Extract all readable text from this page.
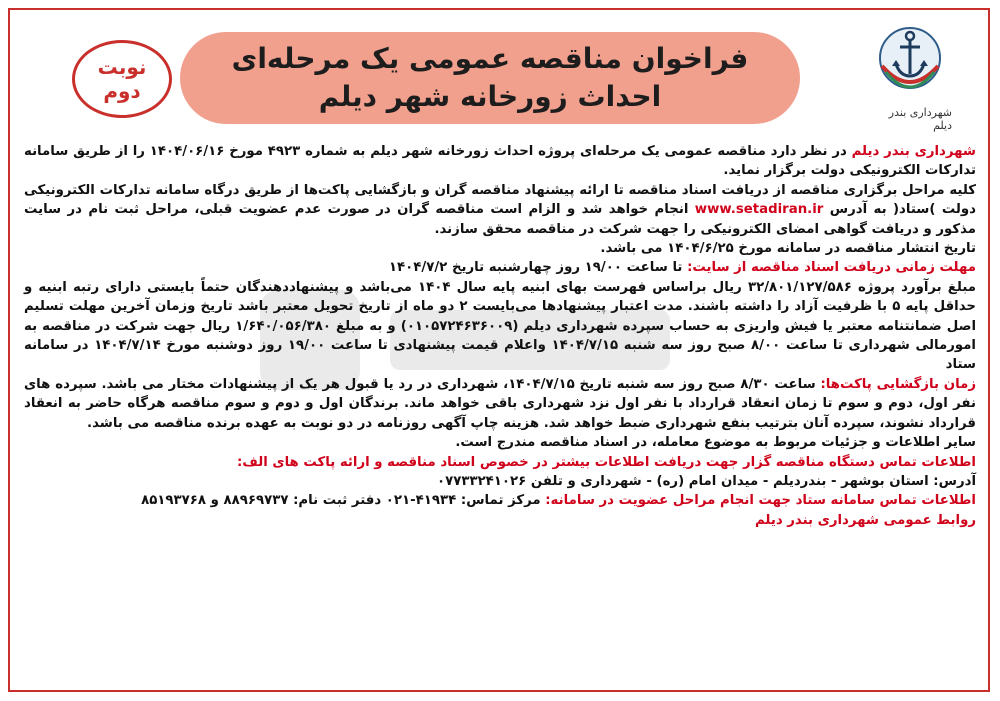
نوبت
دوم
فراخوان مناقصه عمومی یک مرحله‌ای
احداث زورخانه شهر دیلم	شهرداری بندر دیلم

شهرداری بندر دیلم در نظر دارد مناقصه عمومی یک مرحله‌ای پروژه احداث زورخانه شهر دیلم به شماره ۴۹۲۳ مورخ ۱۴۰۴/۰۶/۱۶ را از طریق سامانه تدارکات الکترونیکی دولت برگزار نماید.

کلیه مراحل برگزاری مناقصه از دریافت اسناد مناقصه تا ارائه پیشنهاد مناقصه گران و بازگشایی پاکت‌ها از طریق درگاه سامانه تدارکات الکترونیکی دولت )ستاد( به آدرس www.setadiran.ir انجام خواهد شد و الزام است مناقصه گران در صورت عدم عضویت قبلی، مراحل ثبت نام در سایت مذکور و دریافت گواهی امضای الکترونیکی را جهت شرکت در مناقصه محقق سازند.

تاریخ انتشار مناقصه در سامانه مورخ ۱۴۰۴/۶/۲۵ می باشد.

مهلت زمانی دریافت اسناد مناقصه از سایت: تا ساعت ۱۹/۰۰ روز چهارشنبه تاریخ ۱۴۰۴/۷/۲

مبلغ برآورد پروژه ۳۲/۸۰۱/۱۲۷/۵۸۶ ریال براساس فهرست بهای ابنیه پایه سال ۱۴۰۴ می‌باشد و پیشنهاددهندگان حتماً بایستی دارای رتبه ابنیه و حداقل پایه ۵ با ظرفیت آزاد را داشته باشند. مدت اعتبار پیشنهادها می‌بایست ۲ دو ماه از تاریخ تحویل معتبر باشد تاریخ وزمان آخرین مهلت تسلیم اصل ضمانتنامه معتبر یا فیش واریزی به حساب سپرده شهرداری دیلم (۰۱۰۵۷۲۴۶۳۶۰۰۹) و به مبلغ ۱/۶۴۰/۰۵۶/۳۸۰ ریال جهت شرکت در مناقصه به امورمالی شهرداری تا ساعت ۸/۰۰ صبح روز سه شنبه ۱۴۰۴/۷/۱۵ واعلام قیمت پیشنهادی تا ساعت ۱۹/۰۰ روز دوشنبه مورخ ۱۴۰۴/۷/۱۴ در سامانه ستاد

زمان بازگشایی پاکت‌ها: ساعت ۸/۳۰ صبح روز سه شنبه تاریخ ۱۴۰۴/۷/۱۵، شهرداری در رد یا قبول هر یک از پیشنهادات مختار می باشد. سپرده های نفر اول، دوم و سوم تا زمان انعقاد قرارداد با نفر اول نزد شهرداری باقی خواهد ماند. برندگان اول و دوم و سوم مناقصه هرگاه حاضر به انعقاد قرارداد نشوند، سپرده آنان بترتیب بنفع شهرداری ضبط خواهد شد. هزینه چاپ آگهی روزنامه در دو نوبت به عهده برنده مناقصه می باشد.

سایر اطلاعات و جزئیات مربوط به موضوع معامله، در اسناد مناقصه مندرج است.

اطلاعات تماس دستگاه مناقصه گزار جهت دریافت اطلاعات بیشتر در خصوص اسناد مناقصه و ارائه پاکت های الف:

آدرس: استان بوشهر - بندردیلم - میدان امام (ره) - شهرداری و تلفن ۰۷۷۳۳۲۴۱۰۲۶

اطلاعات تماس سامانه ستاد جهت انجام مراحل عضویت در سامانه: مرکز تماس: ۴۱۹۳۴-۰۲۱ دفتر ثبت نام: ۸۸۹۶۹۷۳۷ و ۸۵۱۹۳۷۶۸

روابط عمومی شهرداری بندر دیلم
